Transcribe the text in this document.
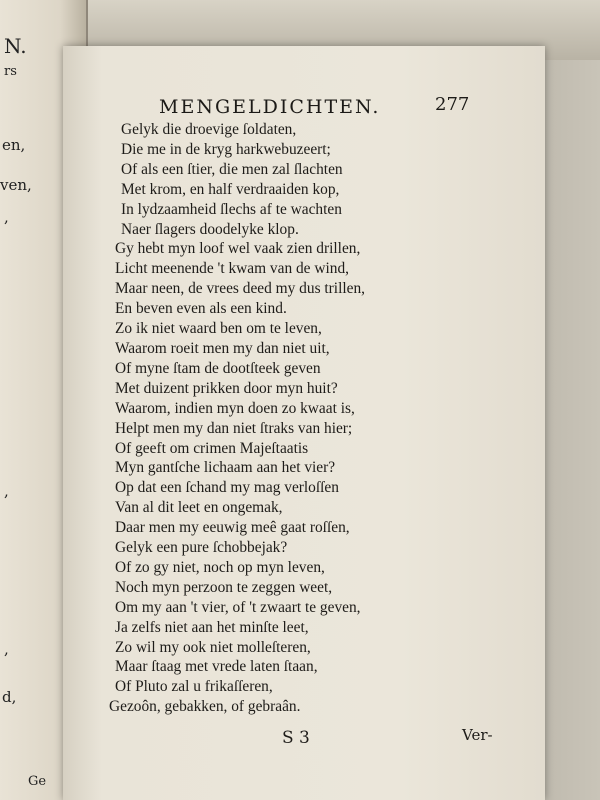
N.
rs
en,
ven,
,
,
,
d,
Ge
MENGELDICHTEN.	277
Gelyk die droevige ſoldaten,
Die me in de kryg harkwebuzeert;
Of als een ſtier, die men zal ſlachten
Met krom, en half verdraaiden kop,
In lydzaamheid ſlechs af te wachten
Naer ſlagers doodelyke klop.
Gy hebt myn loof wel vaak zien drillen,
Licht meenende 't kwam van de wind,
Maar neen, de vrees deed my dus trillen,
En beven even als een kind.
Zo ik niet waard ben om te leven,
Waarom roeit men my dan niet uit,
Of myne ſtam de dootſteek geven
Met duizent prikken door myn huit?
Waarom, indien myn doen zo kwaat is,
Helpt men my dan niet ſtraks van hier;
Of geeft om crimen Majeſtaatis
Myn gantſche lichaam aan het vier?
Op dat een ſchand my mag verloſſen
Van al dit leet en ongemak,
Daar men my eeuwig meê gaat roſſen,
Gelyk een pure ſchobbejak?
Of zo gy niet, noch op myn leven,
Noch myn perzoon te zeggen weet,
Om my aan 't vier, of 't zwaart te geven,
Ja zelfs niet aan het minſte leet,
Zo wil my ook niet molleſteren,
Maar ſtaag met vrede laten ſtaan,
Of Pluto zal u frikaſſeren,
Gezoôn, gebakken, of gebraân.
S 3	Ver-
